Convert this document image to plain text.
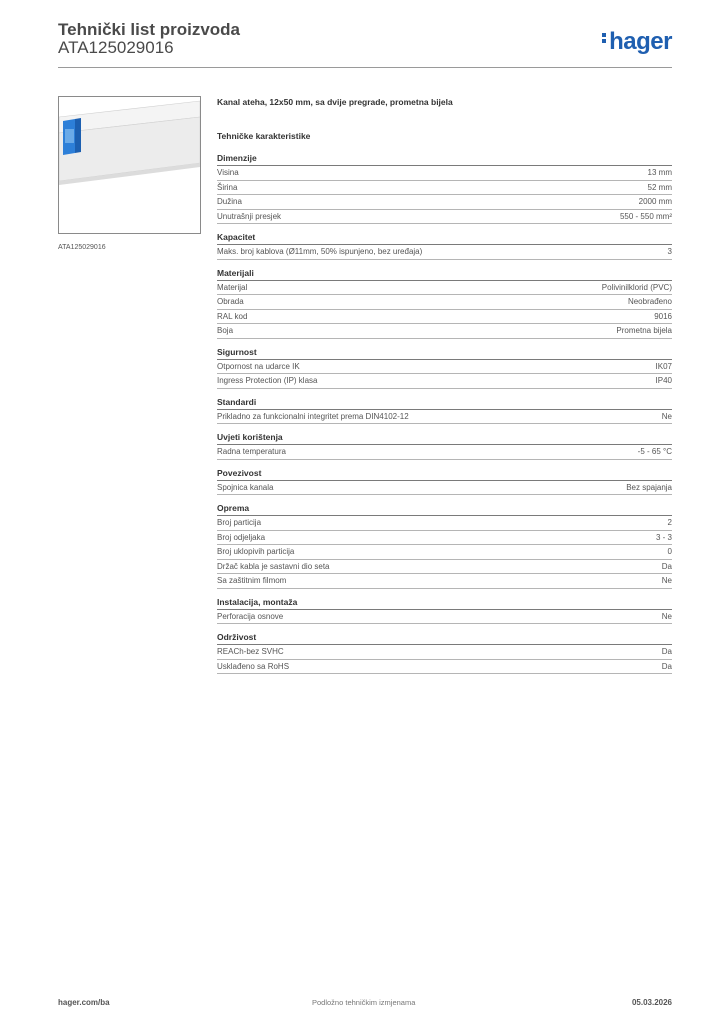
Tehnički list proizvoda
ATA125029016	hager
ATA125029016
Kanal ateha, 12x50 mm, sa dvije pregrade, prometna bijela
Tehničke karakteristike
Dimenzije
Visina	13 mm
Širina	52 mm
Dužina	2000 mm
Unutrašnji presjek	550 - 550 mm²
Kapacitet
Maks. broj kablova (Ø11mm, 50% ispunjeno, bez uređaja)	3
Materijali
Materijal	Polivinilklorid (PVC)
Obrada	Neobrađeno
RAL kod	9016
Boja	Prometna bijela
Sigurnost
Otpornost na udarce IK	IK07
Ingress Protection (IP) klasa	IP40
Standardi
Prikladno za funkcionalni integritet prema DIN4102-12	Ne
Uvjeti korištenja
Radna temperatura	-5 - 65 °C
Povezivost
Spojnica kanala	Bez spajanja
Oprema
Broj particija	2
Broj odjeljaka	3 - 3
Broj uklopivih particija	0
Držač kabla je sastavni dio seta	Da
Sa zaštitnim filmom	Ne
Instalacija, montaža
Perforacija osnove	Ne
Održivost
REACh-bez SVHC	Da
Usklađeno sa RoHS	Da
hager.com/ba	Podložno tehničkim izmjenama	05.03.2026
